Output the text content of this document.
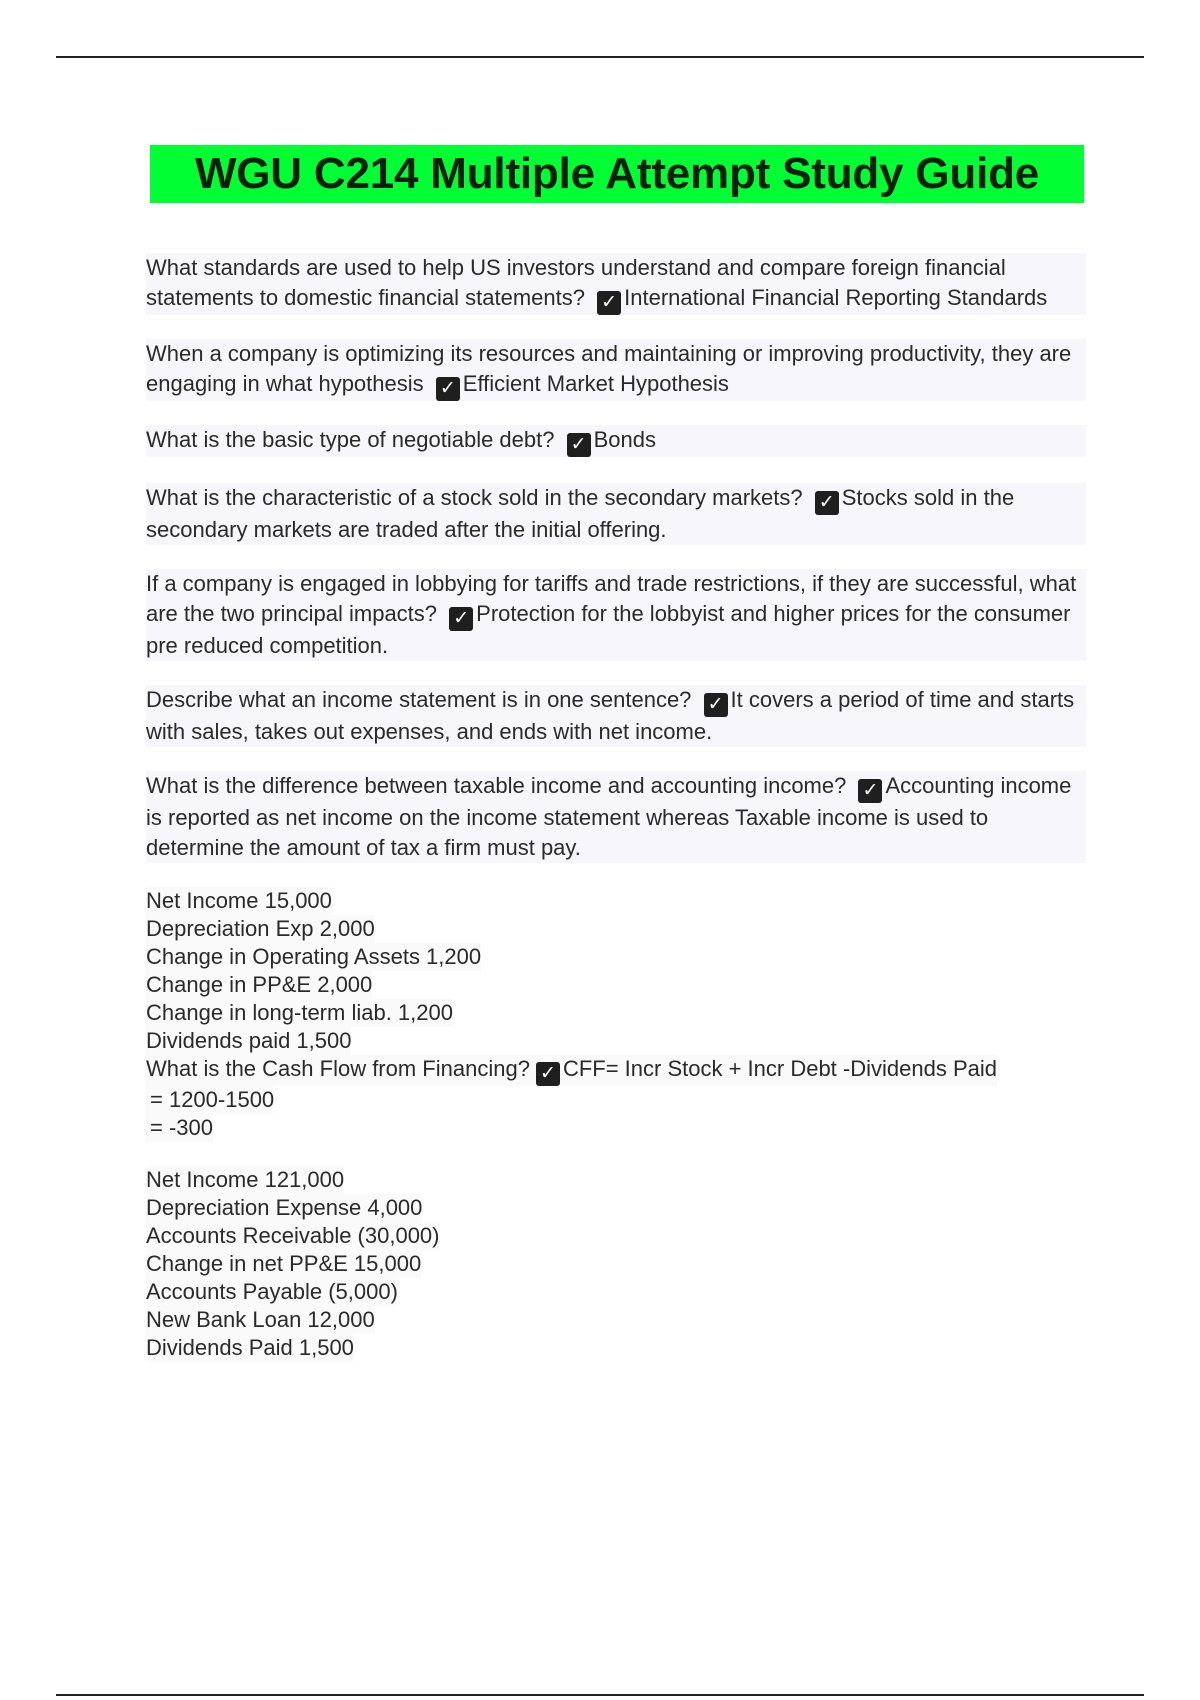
WGU C214 Multiple Attempt Study Guide
What standards are used to help US investors understand and compare foreign financial statements to domestic financial statements? ✓ International Financial Reporting Standards
When a company is optimizing its resources and maintaining or improving productivity, they are engaging in what hypothesis ✓ Efficient Market Hypothesis
What is the basic type of negotiable debt? ✓ Bonds
What is the characteristic of a stock sold in the secondary markets? ✓ Stocks sold in the secondary markets are traded after the initial offering.
If a company is engaged in lobbying for tariffs and trade restrictions, if they are successful, what are the two principal impacts? ✓ Protection for the lobbyist and higher prices for the consumer pre reduced competition.
Describe what an income statement is in one sentence? ✓ It covers a period of time and starts with sales, takes out expenses, and ends with net income.
What is the difference between taxable income and accounting income? ✓ Accounting income is reported as net income on the income statement whereas Taxable income is used to determine the amount of tax a firm must pay.
Net Income 15,000
Depreciation Exp 2,000
Change in Operating Assets 1,200
Change in PP&E 2,000
Change in long-term liab. 1,200
Dividends paid 1,500
What is the Cash Flow from Financing? ✓ CFF= Incr Stock + Incr Debt -Dividends Paid
= 1200-1500
= -300
Net Income 121,000
Depreciation Expense 4,000
Accounts Receivable (30,000)
Change in net PP&E 15,000
Accounts Payable (5,000)
New Bank Loan 12,000
Dividends Paid 1,500
